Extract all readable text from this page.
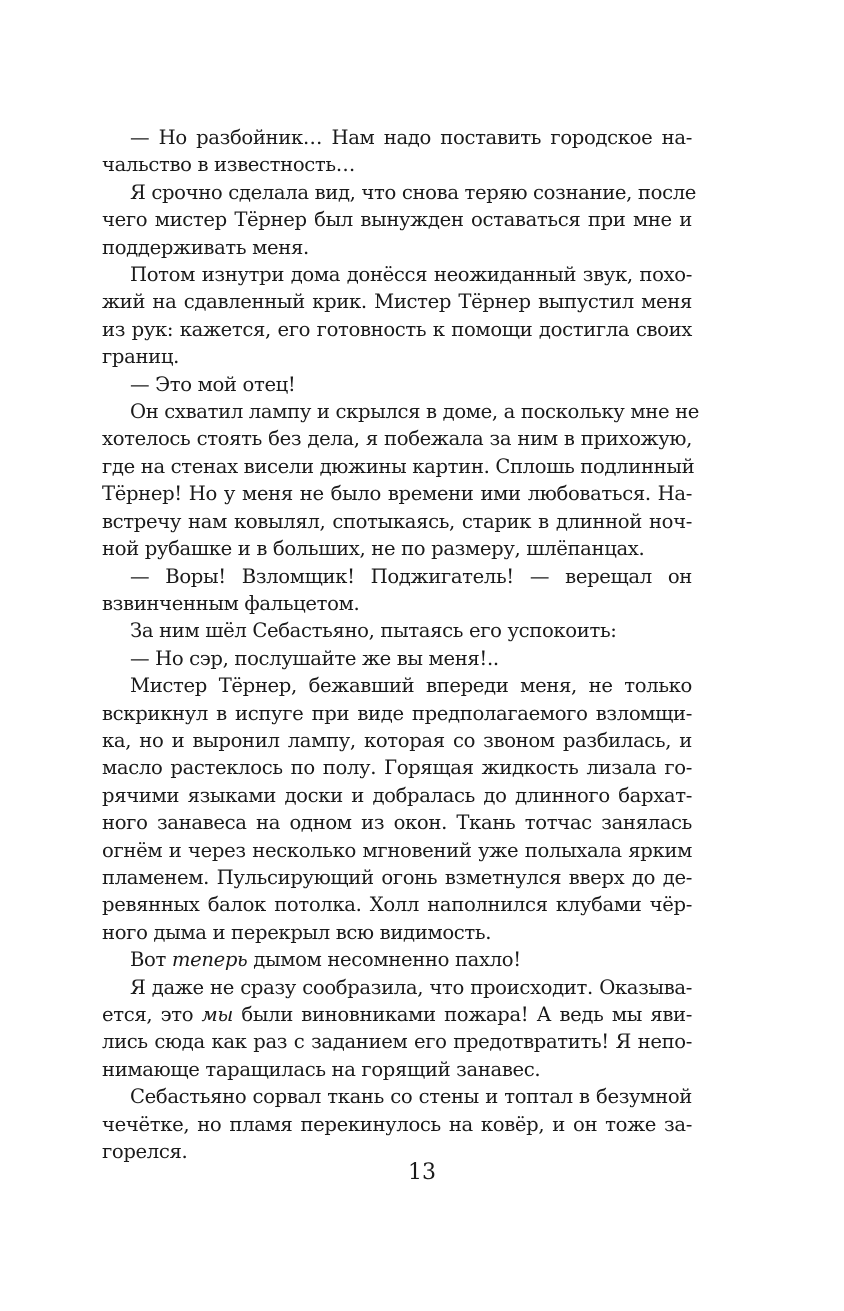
— Но разбойник… Нам надо поставить городское на-
чальство в известность…
Я срочно сделала вид, что снова теряю сознание, после
чего мистер Тёрнер был вынужден оставаться при мне и
поддерживать меня.
Потом изнутри дома донёсся неожиданный звук, похо-
жий на сдавленный крик. Мистер Тёрнер выпустил меня
из рук: кажется, его готовность к помощи достигла своих
границ.
— Это мой отец!
Он схватил лампу и скрылся в доме, а поскольку мне не
хотелось стоять без дела, я побежала за ним в прихожую,
где на стенах висели дюжины картин. Сплошь подлинный
Тёрнер! Но у меня не было времени ими любоваться. На-
встречу нам ковылял, спотыкаясь, старик в длинной ноч-
ной рубашке и в больших, не по размеру, шлёпанцах.
— Воры! Взломщик! Поджигатель! — верещал он
взвинченным фальцетом.
За ним шёл Себастьяно, пытаясь его успокоить:
— Но сэр, послушайте же вы меня!..
Мистер Тёрнер, бежавший впереди меня, не только
вскрикнул в испуге при виде предполагаемого взломщи-
ка, но и выронил лампу, которая со звоном разбилась, и
масло растеклось по полу. Горящая жидкость лизала го-
рячими языками доски и добралась до длинного бархат-
ного занавеса на одном из окон. Ткань тотчас занялась
огнём и через несколько мгновений уже полыхала ярким
пламенем. Пульсирующий огонь взметнулся вверх до де-
ревянных балок потолка. Холл наполнился клубами чёр-
ного дыма и перекрыл всю видимость.
Вот теперь дымом несомненно пахло!
Я даже не сразу сообразила, что происходит. Оказыва-
ется, это мы были виновниками пожара! А ведь мы яви-
лись сюда как раз с заданием его предотвратить! Я непо-
нимающе таращилась на горящий занавес.
Себастьяно сорвал ткань со стены и топтал в безумной
чечётке, но пламя перекинулось на ковёр, и он тоже за-
горелся.
13
